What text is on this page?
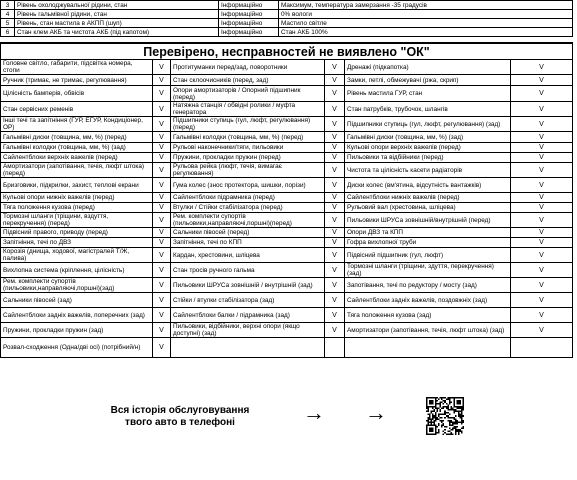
3	Рівень охолоджувальної рідини, стан	Інформаційно	Максимум, температура замерзання -35 градусів
4	Рівень гальмівної рідини, стан	Інформаційно	0% вологи
5	Рівень, стан мастила в АКПП (шуп)	Інформаційно	Мастило світле
6	Стан клем АКБ та чистота АКБ (під капотом)	Інформаційно	Стан АКБ 100%
Перевірено, несправностей не виявлено "ОК"					
Головне світло, габарити, підсвітка номера, стопи	V	Протитуманки перед/зад, поворотники	V	Дренажі (підкапотка)	V
Ручник (тримає, не тримає, регулювання)	V	Стан склоочисників (перед, зад)	V	Замки, петлі, обмежувачі (ржа, скрип)	V
Цілісність бамперів, обвісів	V	Опори амортизаторів / Опорний підшипник (перед)	V	Рівень мастила ГУР, стан	V
Стан сервісних ременів	V	Натяжна станція / обвідні ролики / муфта генератора	V	Стан патрубків, трубочок, шлангів	V
Інші течі та запітніння (ГУР, ЕГУР, Кондиціонер, ОР)	V	Підшипники ступиць (гул, люфт, регулювання) (перед)	V	Підшипники ступиць (гул, люфт, регулювання) (зад)	V
Гальмівні диски (товщина, мм, %) (перед)	V	Гальмівні колодки (товщина, мм, %) (перед)	V	Гальмівні диски (товщина, мм, %) (зад)	V
Гальмівні колодки (товщина, мм, %) (зад)	V	Рульові наконечники/тяги, пильовики	V	Кульові опори верхніх важелів (перед)	V
Сайлентблоки верхніх важелів (перед)	V	Пружини, прокладки пружин (перед)	V	Пильовики та відбійники (перед)	V
Амортизатори (запотівання, течія, люфт штока) (перед)	V	Рульова рейка (люфт, течія, вимагає регулювання)	V	Чистота та цілісність касети радіаторів	V
Бризговики, підкрилки, захист, теплові екрани	V	Гума колес (знос протектора, шишки, порізи)	V	Диски колес (вм'ятина, відсутність вантажків)	V
Кульові опори нижніх важелів (перед)	V	Сайлентблоки підрамника (перед)	V	Сайлентблоки нижніх важелів (перед)	V
Тяга положення кузова (перед)	V	Втулки / Стійки стабілізатора (перед)	V	Рульовий вал (хрестовина, шліцева)	V
Тормозні шланги (тріщини, вздуття, перекручення) (перед)	V	Рем. комплекти супортів (пильовики,направляючі,поршні)(перед)	V	Пильовики ШРУСа зовнішній/внутрішній (перед)	V
Підвісний правого, приводу (перед)	V	Сальники півосей (перед)	V	Опори ДВЗ та КПП	V
Запітніння, течі по ДВЗ	V	Запітніння, течі по КПП	V	Гофра вихлопної труби	V
Корозія (днища, ходової, магістралей Т/Ж, палива)	V	Кардан, хрестовини, шліцева	V	Підвісний підшипник (гул, люфт)	V
Вихлопна система (кріплення, цілісність)	V	Стан тросів ручного гальма	V	Тормозні шланги (тріщини, здуття, перекручення) (зад)	V
Рем. комплекти супортів (пильовики,направляючі,поршні)(зад)	V	Пильовики ШРУСа зовнішній / внутрішній (зад)	V	Запотівання, течі по редуктору / мосту (зад)	V
Сальники півосей (зад)	V	Стійки / втулки стабілізатора (зад)	V	Сайлентблоки задніх важелів, поздовжніх (зад)	V
Сайлентблоки задніх важелів, поперечних (зад)	V	Сайлентблоки балки / підрамника (зад)	V	Тяга положення кузова (зад)	V
Пружини, прокладки пружин (зад)	V	Пильовики, відбійники, верхні опори (якщо доступні) (зад)	V	Амортизатори (запотівання, течія, люфт штока) (зад)	V
Розвал-сходження (Одна/дві осі) (потрібний/н)	V				
Вся історія обслуговування
твого авто в телефоні	→ →
